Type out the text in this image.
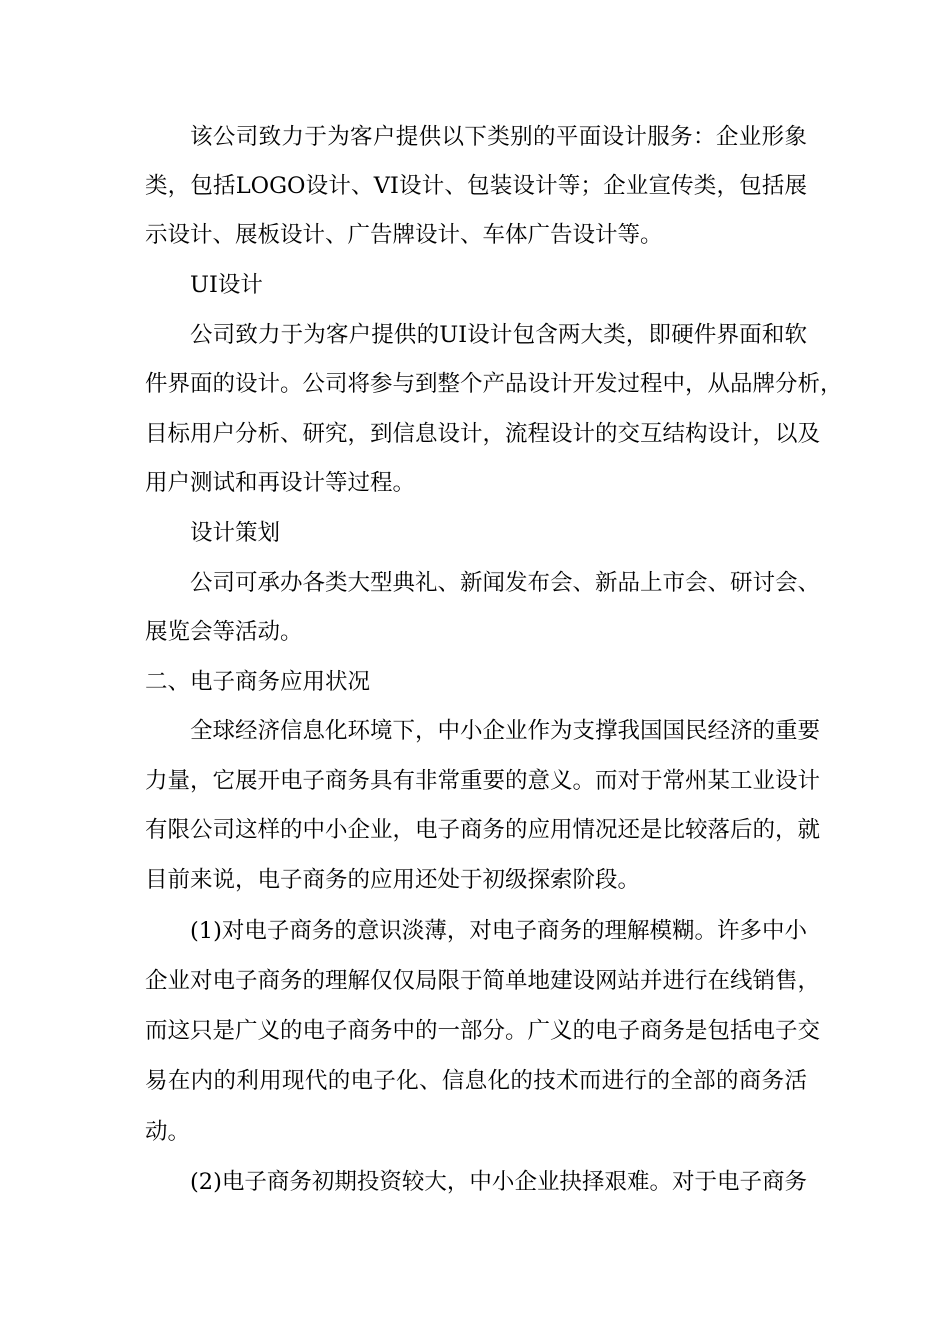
该公司致力于为客户提供以下类别的平面设计服务：企业形象
类，包括LOGO设计、VI设计、包装设计等；企业宣传类，包括展
示设计、展板设计、广告牌设计、车体广告设计等。
UI设计
公司致力于为客户提供的UI设计包含两大类，即硬件界面和软
件界面的设计。公司将参与到整个产品设计开发过程中，从品牌分析，
目标用户分析、研究，到信息设计，流程设计的交互结构设计，以及
用户测试和再设计等过程。
设计策划
公司可承办各类大型典礼、新闻发布会、新品上市会、研讨会、
展览会等活动。
二、电子商务应用状况
全球经济信息化环境下，中小企业作为支撑我国国民经济的重要
力量，它展开电子商务具有非常重要的意义。而对于常州某工业设计
有限公司这样的中小企业，电子商务的应用情况还是比较落后的，就
目前来说，电子商务的应用还处于初级探索阶段。
(1)对电子商务的意识淡薄，对电子商务的理解模糊。许多中小
企业对电子商务的理解仅仅局限于简单地建设网站并进行在线销售，
而这只是广义的电子商务中的一部分。广义的电子商务是包括电子交
易在内的利用现代的电子化、信息化的技术而进行的全部的商务活
动。
(2)电子商务初期投资较大，中小企业抉择艰难。对于电子商务
